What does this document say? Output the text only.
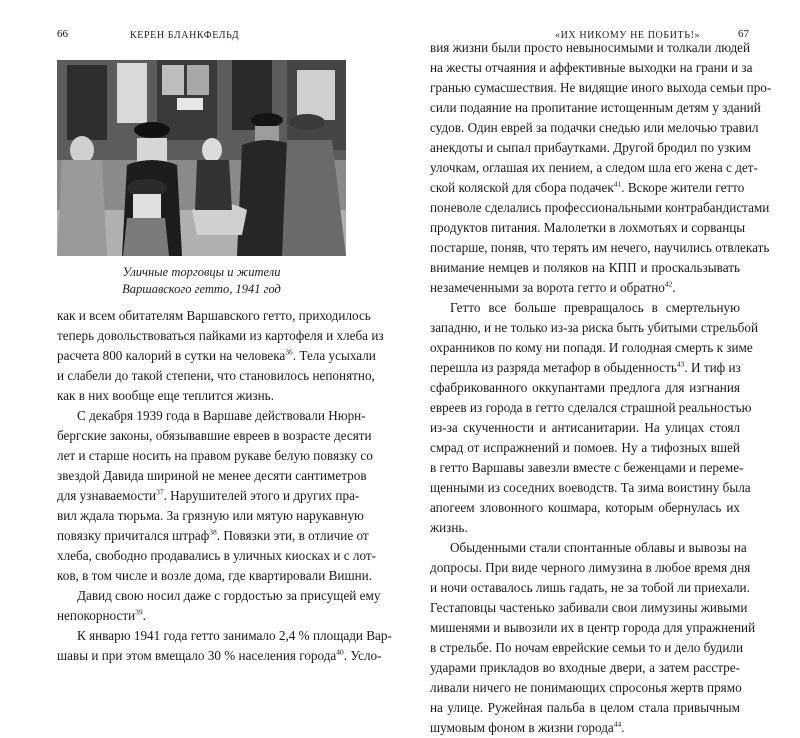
66	КЕРЕН БЛАНКФЕЛЬД
Уличные торговцы и жители
Варшавского гетто, 1941 год
как и всем обитателям Варшавского гетто, приходилось
теперь довольствоваться пайками из картофеля и хлеба из
расчета 800 калорий в сутки на человека$^{36}$. Тела усыхали
и слабели до такой степени, что становилось непонятно,
как в них вообще еще теплится жизнь.
С декабря 1939 года в Варшаве действовали Нюрн-
бергские законы, обязывавшие евреев в возрасте десяти
лет и старше носить на правом рукаве белую повязку со
звездой Давида шириной не менее десяти сантиметров
для узнаваемости$^{37}$. Нарушителей этого и других пра-
вил ждала тюрьма. За грязную или мятую нарукавную
повязку причитался штраф$^{38}$. Повязки эти, в отличие от
хлеба, свободно продавались в уличных киосках и с лот-
ков, в том числе и возле дома, где квартировали Вишни.
Давид свою носил даже с гордостью за присущей ему
непокорности$^{39}$.
К январю 1941 года гетто занимало 2,4 % площади Вар-
шавы и при этом вмещало 30 % населения города$^{40}$. Усло-
«ИХ НИКОМУ НЕ ПОБИТЬ!»	67
вия жизни были просто невыносимыми и толкали людей
на жесты отчаяния и аффективные выходки на грани и за
гранью сумасшествия. Не видящие иного выхода семьи про-
сили подаяние на пропитание истощенным детям у зданий
судов. Один еврей за подачки снедью или мелочью травил
анекдоты и сыпал прибаутками. Другой бродил по узким
улочкам, оглашая их пением, а следом шла его жена с дет-
ской коляской для сбора подачек$^{41}$. Вскоре жители гетто
поневоле сделались профессиональными контрабандистами
продуктов питания. Малолетки в лохмотьях и сорванцы
постарше, поняв, что терять им нечего, научились отвлекать
внимание немцев и поляков на КПП и проскальзывать
незамеченными за ворота гетто и обратно$^{42}$.
Гетто все больше превращалось в смертельную
западню, и не только из-за риска быть убитыми стрельбой
охранников по кому ни попадя. И голодная смерть к зиме
перешла из разряда метафор в обыденность$^{43}$. И тиф из
сфабрикованного оккупантами предлога для изгнания
евреев из города в гетто сделался страшной реальностью
из-за скученности и антисанитарии. На улицах стоял
смрад от испражнений и помоев. Ну а тифозных вшей
в гетто Варшавы завезли вместе с беженцами и переме-
щенными из соседних воеводств. Та зима воистину была
апогеем зловонного кошмара, которым обернулась их
жизнь.
Обыденными стали спонтанные облавы и вывозы на
допросы. При виде черного лимузина в любое время дня
и ночи оставалось лишь гадать, не за тобой ли приехали.
Гестаповцы частенько забивали свои лимузины живыми
мишенями и вывозили их в центр города для упражнений
в стрельбе. По ночам еврейские семьи то и дело будили
ударами прикладов во входные двери, а затем расстре-
ливали ничего не понимающих спросонья жертв прямо
на улице. Ружейная пальба в целом стала привычным
шумовым фоном в жизни города$^{44}$.
